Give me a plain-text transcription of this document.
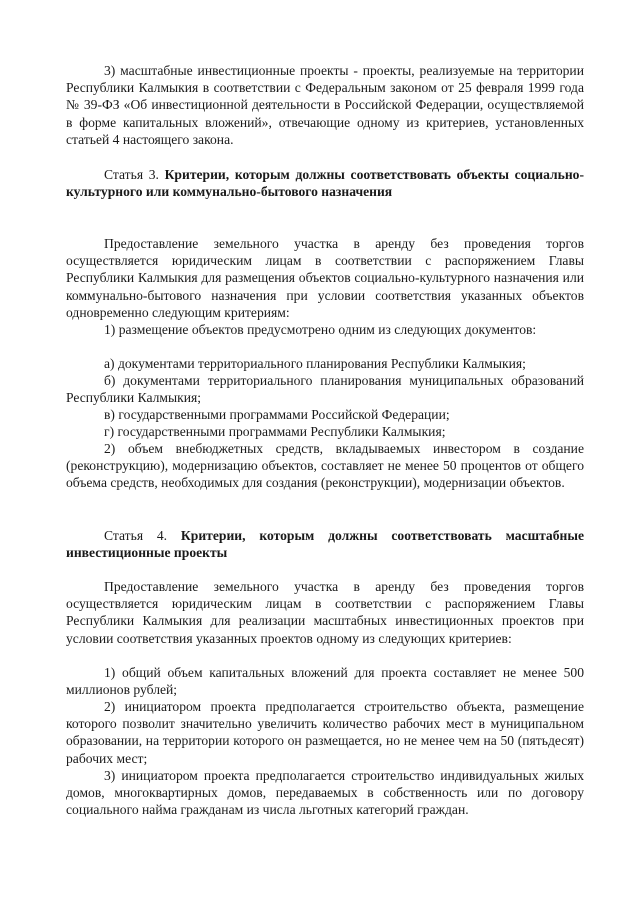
3) масштабные инвестиционные проекты - проекты, реализуемые на территории Республики Калмыкия в соответствии с Федеральным законом от 25 февраля 1999 года № 39-ФЗ «Об инвестиционной деятельности в Российской Федерации, осуществляемой в форме капитальных вложений», отвечающие одному из критериев, установленных статьей 4 настоящего закона.

Статья 3. Критерии, которым должны соответствовать объекты социально-культурного или коммунально-бытового назначения

Предоставление земельного участка в аренду без проведения торгов осуществляется юридическим лицам в соответствии с распоряжением Главы Республики Калмыкия для размещения объектов социально-культурного назначения или коммунально-бытового назначения при условии соответствия указанных объектов одновременно следующим критериям:

1) размещение объектов предусмотрено одним из следующих документов:

а) документами территориального планирования Республики Калмыкия;

б) документами территориального планирования муниципальных образований Республики Калмыкия;

в) государственными программами Российской Федерации;

г) государственными программами Республики Калмыкия;

2) объем внебюджетных средств, вкладываемых инвестором в создание (реконструкцию), модернизацию объектов, составляет не менее 50 процентов от общего объема средств, необходимых для создания (реконструкции), модернизации объектов.

Статья 4. Критерии, которым должны соответствовать масштабные инвестиционные проекты

Предоставление земельного участка в аренду без проведения торгов осуществляется юридическим лицам в соответствии с распоряжением Главы Республики Калмыкия для реализации масштабных инвестиционных проектов при условии соответствия указанных проектов одному из следующих критериев:

1) общий объем капитальных вложений для проекта составляет не менее 500 миллионов рублей;

2) инициатором проекта предполагается строительство объекта, размещение которого позволит значительно увеличить количество рабочих мест в муниципальном образовании, на территории которого он размещается, но не менее чем на 50 (пятьдесят) рабочих мест;

3) инициатором проекта предполагается строительство индивидуальных жилых домов, многоквартирных домов, передаваемых в собственность или по договору социального найма гражданам из числа льготных категорий граждан.
